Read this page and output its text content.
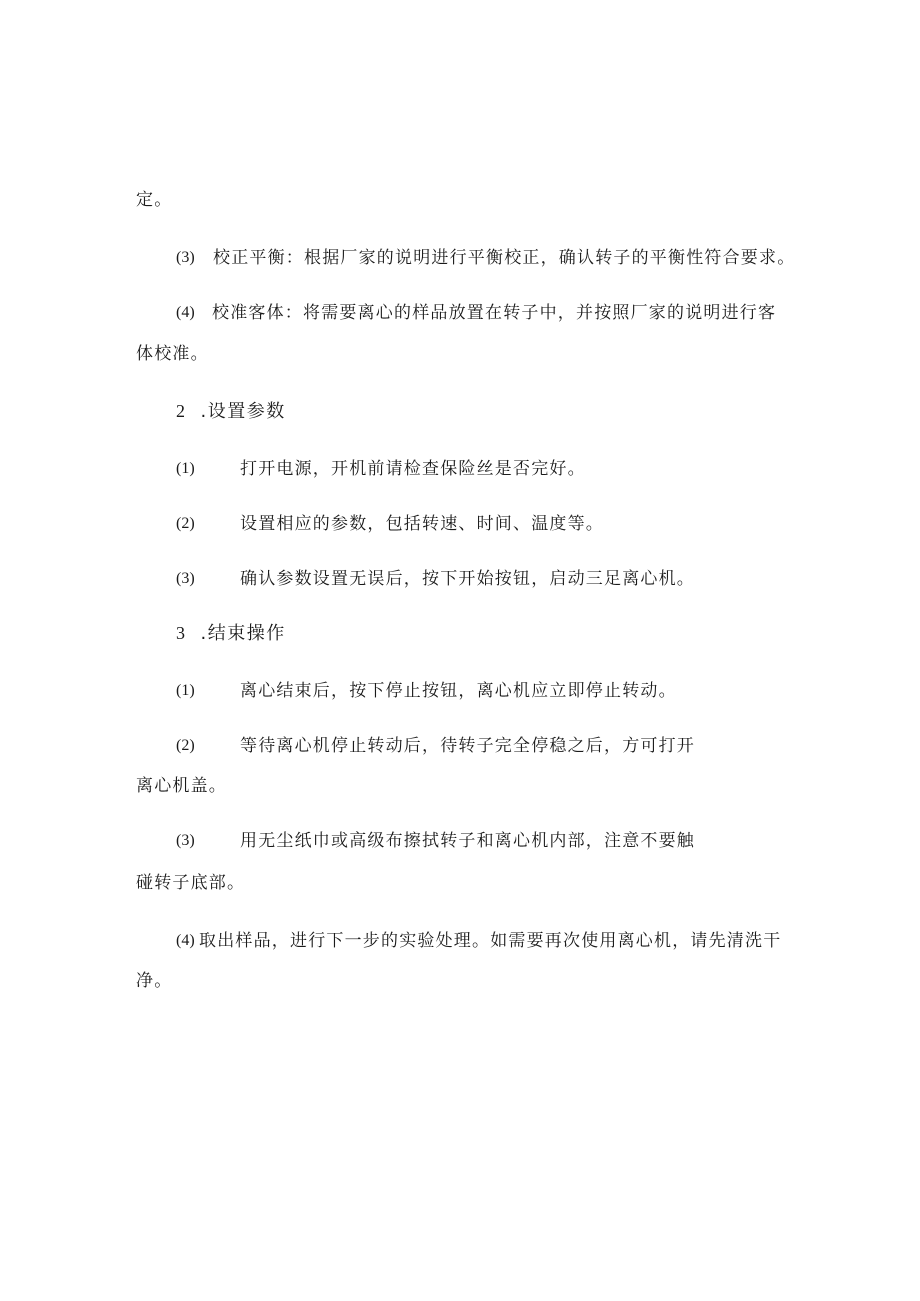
定。
(3) 校正平衡：根据厂家的说明进行平衡校正，确认转子的平衡性符合要求。
(4) 校准客体：将需要离心的样品放置在转子中，并按照厂家的说明进行客
体校准。
2 .设置参数
(1)	打开电源，开机前请检查保险丝是否完好。
(2)	设置相应的参数，包括转速、时间、温度等。
(3)	确认参数设置无误后，按下开始按钮，启动三足离心机。
3 .结束操作
(1)	离心结束后，按下停止按钮，离心机应立即停止转动。
(2)	等待离心机停止转动后，待转子完全停稳之后，方可打开
离心机盖。
(3)	用无尘纸巾或高级布擦拭转子和离心机内部，注意不要触
碰转子底部。
(4) 取出样品，进行下一步的实验处理。如需要再次使用离心机，请先清洗干
净。
